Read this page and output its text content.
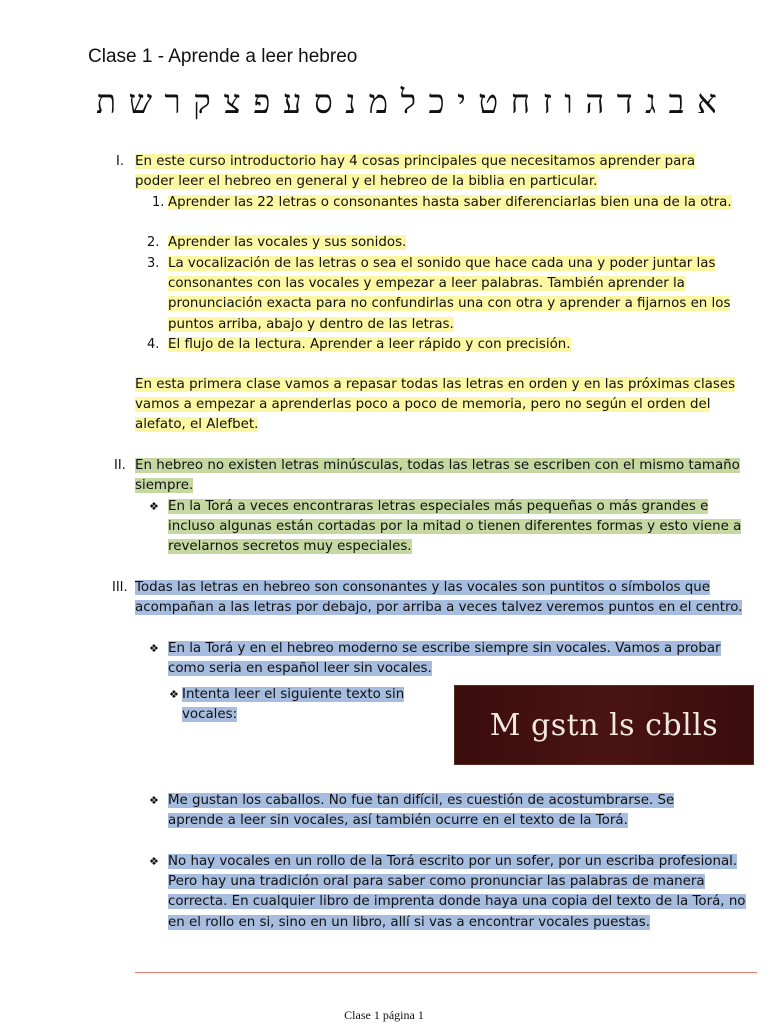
Clase 1 - Aprende a leer hebreo
א ב ג ד ה ו ז ח ט י כ ל מ נ ס ע פ צ ק ר ש ת
I. En este curso introductorio hay 4 cosas principales que necesitamos aprender para poder leer el hebreo en general y el hebreo de la biblia en particular.
1. Aprender las 22 letras o consonantes hasta saber diferenciarlas bien una de la otra.
2. Aprender las vocales y sus sonidos.
3. La vocalización de las letras o sea el sonido que hace cada una y poder juntar las consonantes con las vocales y empezar a leer palabras. También aprender la pronunciación exacta para no confundirlas una con otra y aprender a fijarnos en los puntos arriba, abajo y dentro de las letras.
4. El flujo de la lectura. Aprender a leer rápido y con precisión.
En esta primera clase vamos a repasar todas las letras en orden y en las próximas clases vamos a empezar a aprenderlas poco a poco de memoria, pero no según el orden del alefato, el Alefbet.
II. En hebreo no existen letras minúsculas, todas las letras se escriben con el mismo tamaño siempre.
❖ En la Torá a veces encontraras letras especiales más pequeñas o más grandes e incluso algunas están cortadas por la mitad o tienen diferentes formas y esto viene a revelarnos secretos muy especiales.
III. Todas las letras en hebreo son consonantes y las vocales son puntitos o símbolos que acompañan a las letras por debajo, por arriba a veces talvez veremos puntos en el centro.
❖ En la Torá y en el hebreo moderno se escribe siempre sin vocales. Vamos a probar como seria en español leer sin vocales.
❖ Intenta leer el siguiente texto sin vocales:	M gstn ls cblls
❖ Me gustan los caballos. No fue tan difícil, es cuestión de acostumbrarse. Se aprende a leer sin vocales, así también ocurre en el texto de la Torá.
❖ No hay vocales en un rollo de la Torá escrito por un sofer, por un escriba profesional. Pero hay una tradición oral para saber como pronunciar las palabras de manera correcta. En cualquier libro de imprenta donde haya una copia del texto de la Torá, no en el rollo en si, sino en un libro, allí si vas a encontrar vocales puestas.
Clase 1 página 1
